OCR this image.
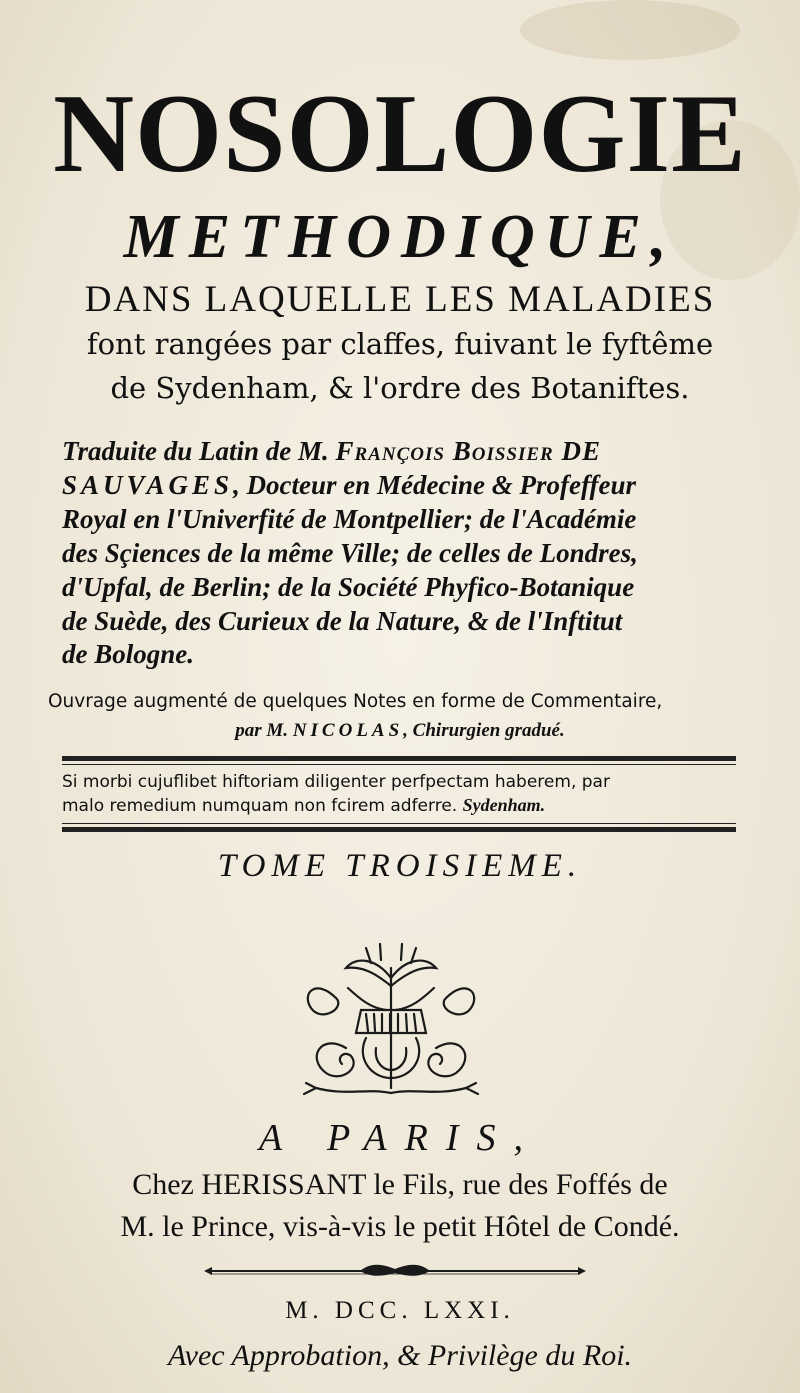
NOSOLOGIE
METHODIQUE,
DANS LAQUELLE LES MALADIES
font rangées par claffes, fuivant le fyftême
de Sydenham, & l'ordre des Botaniftes.
Traduite du Latin de M. François Boissier DE
SAUVAGES, Docteur en Médecine & Profeffeur
Royal en l'Univerfité de Montpellier; de l'Académie
des Sçiences de la même Ville; de celles de Londres,
d'Upfal, de Berlin; de la Société Phyfico-Botanique
de Suède, des Curieux de la Nature, & de l'Inftitut
de Bologne.
Ouvrage augmenté de quelques Notes en forme de Commentaire,
par M. NICOLAS, Chirurgien gradué.
Si morbi cujuflibet hiftoriam diligenter perfpectam haberem, par
malo remedium numquam non fcirem adferre. Sydenham.
TOME TROISIEME.
A PARIS,
Chez HERISSANT le Fils, rue des Foffés de
M. le Prince, vis-à-vis le petit Hôtel de Condé.
M. DCC. LXXI.
Avec Approbation, & Privilège du Roi.
